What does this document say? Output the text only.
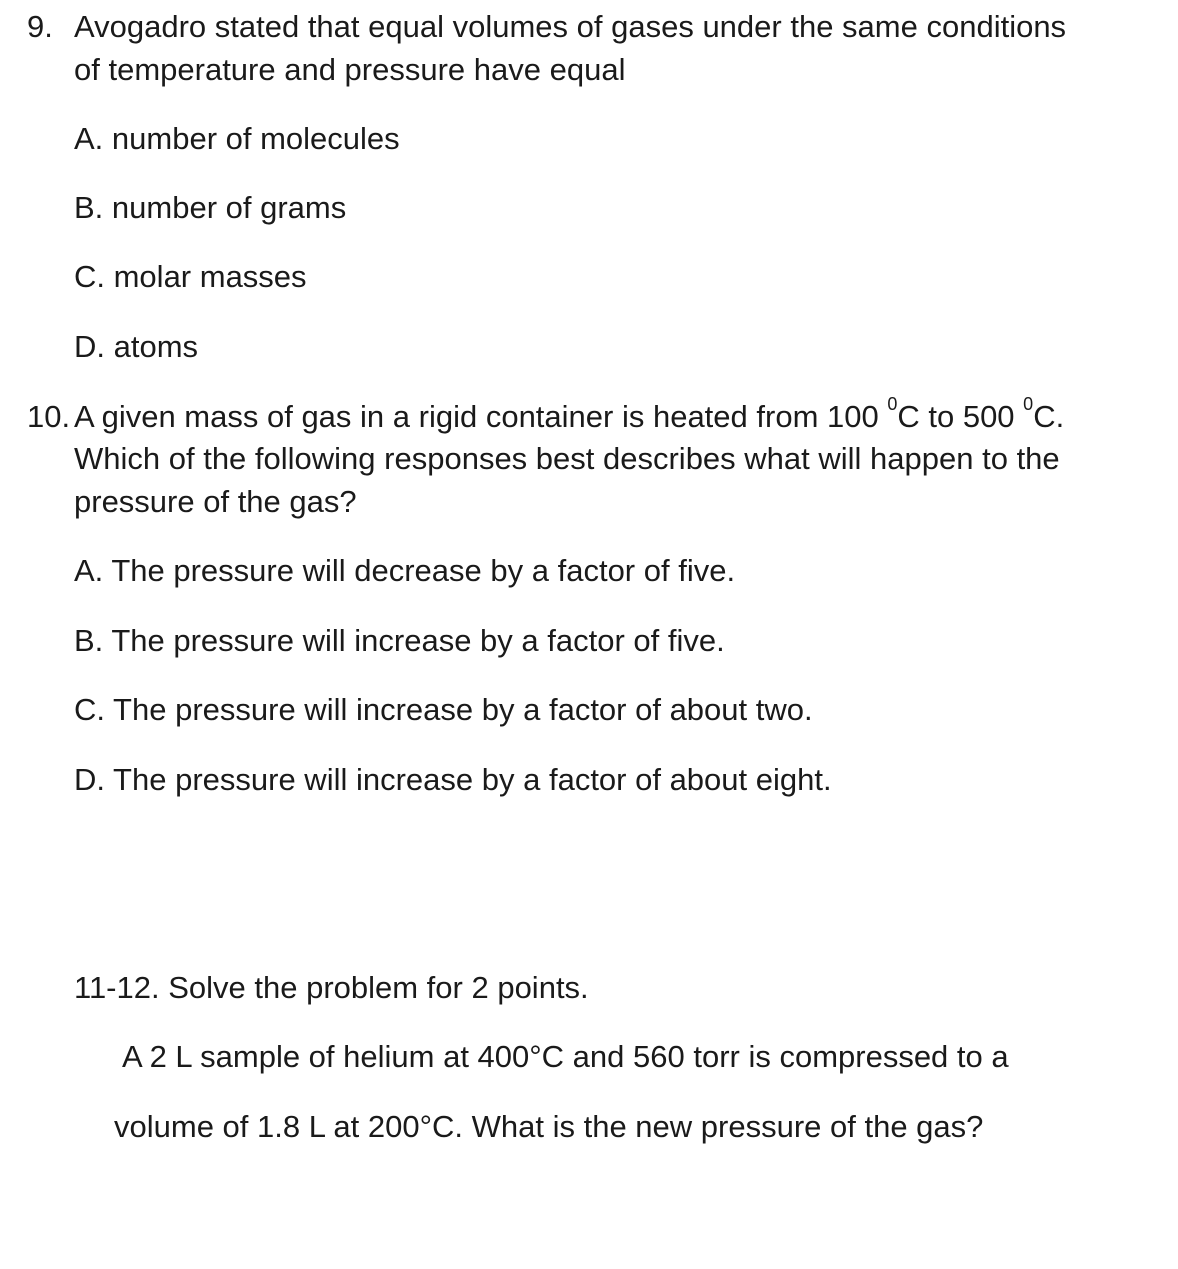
9. Avogadro stated that equal volumes of gases under the same conditions
of temperature and pressure have equal
A. number of molecules
B. number of grams
C. molar masses
D. atoms
10. A given mass of gas in a rigid container is heated from 100 $^0$C to 500 $^0$C.
Which of the following responses best describes what will happen to the
pressure of the gas?
A. The pressure will decrease by a factor of five.
B. The pressure will increase by a factor of five.
C. The pressure will increase by a factor of about two.
D. The pressure will increase by a factor of about eight.
11-12. Solve the problem for 2 points.
A 2 L sample of helium at 400°C and 560 torr is compressed to a
volume of 1.8 L at 200°C. What is the new pressure of the gas?
